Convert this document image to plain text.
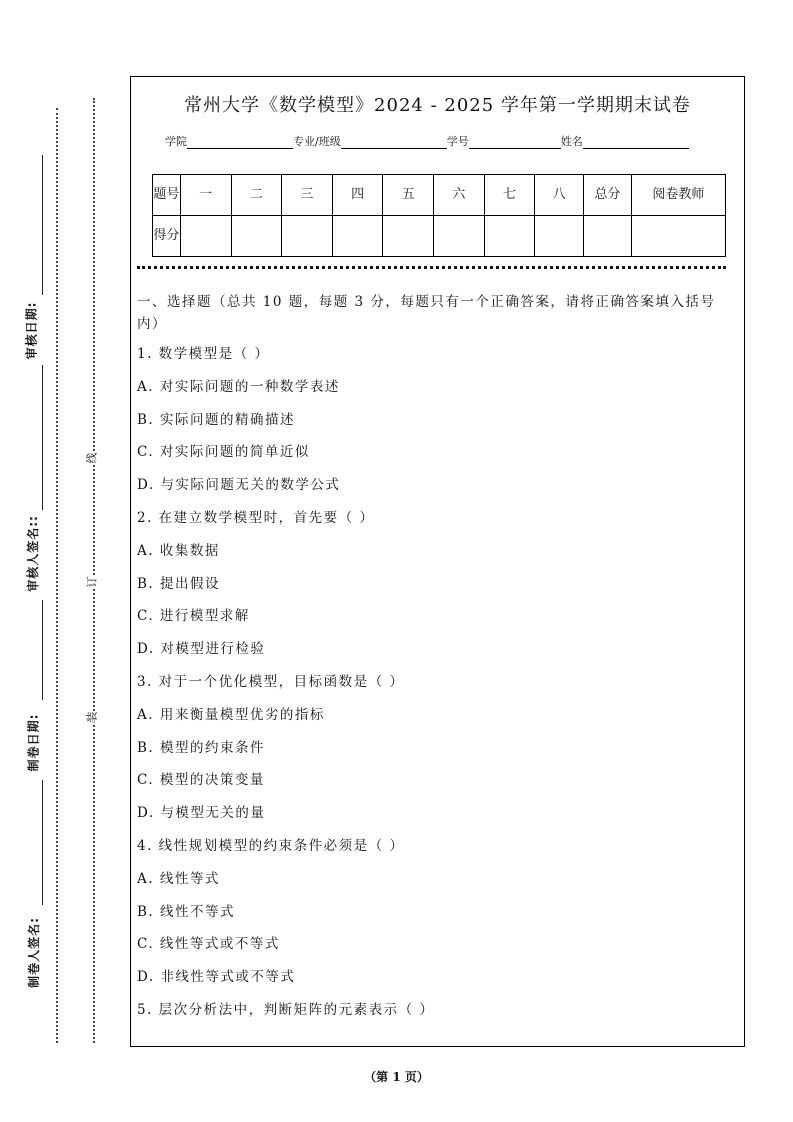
审核日期:
审核人签名::
制卷日期:
制卷人签名:
线
订
装
常州大学《数学模型》2024 - 2025 学年第一学期期末试卷
学院	专业/班级	学号	姓名
题号	一	二	三	四	五	六	七	八	总分	阅卷教师
得分										
一、选择题（总共 10 题，每题 3 分，每题只有一个正确答案，请将正确答案填入括号内）
1. 数学模型是（ ）
A. 对实际问题的一种数学表述
B. 实际问题的精确描述
C. 对实际问题的简单近似
D. 与实际问题无关的数学公式
2. 在建立数学模型时，首先要（ ）
A. 收集数据
B. 提出假设
C. 进行模型求解
D. 对模型进行检验
3. 对于一个优化模型，目标函数是（ ）
A. 用来衡量模型优劣的指标
B. 模型的约束条件
C. 模型的决策变量
D. 与模型无关的量
4. 线性规划模型的约束条件必须是（ ）
A. 线性等式
B. 线性不等式
C. 线性等式或不等式
D. 非线性等式或不等式
5. 层次分析法中，判断矩阵的元素表示（ ）
（第 1 页）
